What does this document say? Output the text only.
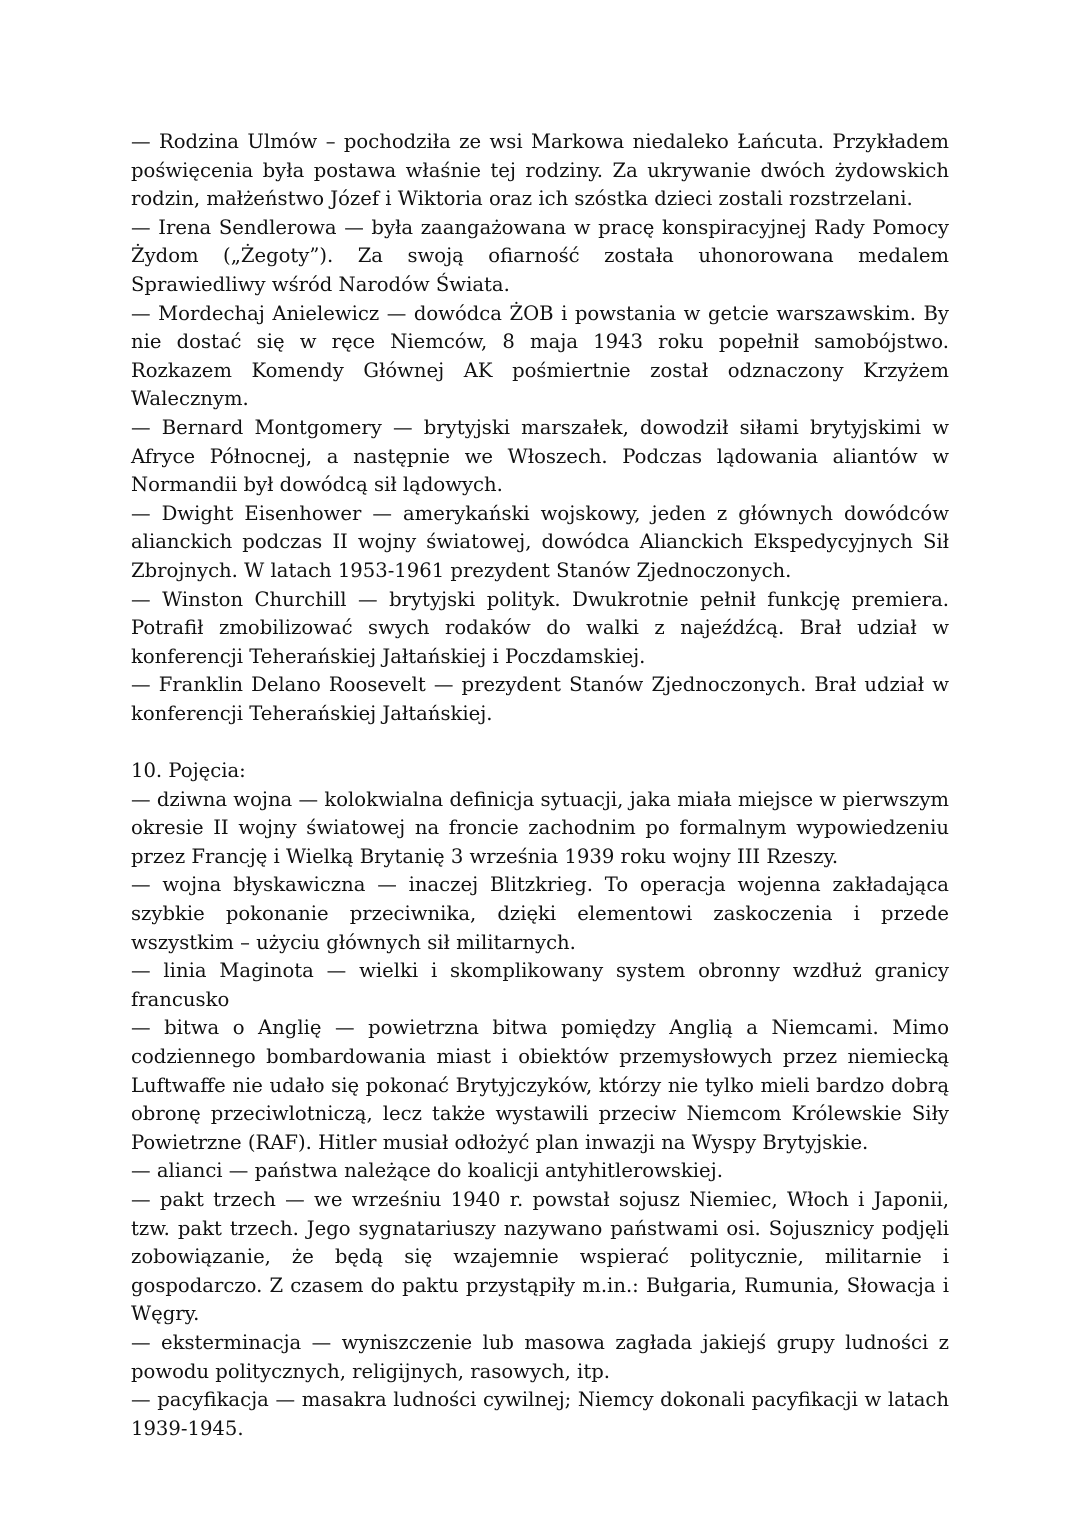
— Rodzina Ulmów – pochodziła ze wsi Markowa niedaleko Łańcuta. Przykładem poświęcenia była postawa właśnie tej rodziny. Za ukrywanie dwóch żydowskich rodzin, małżeństwo Józef i Wiktoria oraz ich szóstka dzieci zostali rozstrzelani.

— Irena Sendlerowa — była zaangażowana w pracę konspiracyjnej Rady Pomocy Żydom („Żegoty”). Za swoją ofiarność została uhonorowana medalem Sprawiedliwy wśród Narodów Świata.

— Mordechaj Anielewicz — dowódca ŻOB i powstania w getcie warszawskim. By nie dostać się w ręce Niemców, 8 maja 1943 roku popełnił samobójstwo. Rozkazem Komendy Głównej AK pośmiertnie został odznaczony Krzyżem Walecznym.

— Bernard Montgomery — brytyjski marszałek, dowodził siłami brytyjskimi w Afryce Północnej, a następnie we Włoszech. Podczas lądowania aliantów w Normandii był dowódcą sił lądowych.

— Dwight Eisenhower — amerykański wojskowy, jeden z głównych dowódców alianckich podczas II wojny światowej, dowódca Alianckich Ekspedycyjnych Sił Zbrojnych. W latach 1953-1961 prezydent Stanów Zjednoczonych.

— Winston Churchill — brytyjski polityk. Dwukrotnie pełnił funkcję premiera. Potrafił zmobilizować swych rodaków do walki z najeźdźcą. Brał udział w konferencji Teherańskiej Jałtańskiej i Poczdamskiej.

— Franklin Delano Roosevelt — prezydent Stanów Zjednoczonych. Brał udział w konferencji Teherańskiej Jałtańskiej.

10. Pojęcia:

— dziwna wojna — kolokwialna definicja sytuacji, jaka miała miejsce w pierwszym okresie II wojny światowej na froncie zachodnim po formalnym wypowiedzeniu przez Francję i Wielką Brytanię 3 września 1939 roku wojny III Rzeszy.

— wojna błyskawiczna — inaczej Blitzkrieg. To operacja wojenna zakładająca szybkie pokonanie przeciwnika, dzięki elementowi zaskoczenia i przede wszystkim – użyciu głównych sił militarnych.

— linia Maginota — wielki i skomplikowany system obronny wzdłuż granicy francusko

— bitwa o Anglię — powietrzna bitwa pomiędzy Anglią a Niemcami. Mimo codziennego bombardowania miast i obiektów przemysłowych przez niemiecką Luftwaffe nie udało się pokonać Brytyjczyków, którzy nie tylko mieli bardzo dobrą obronę przeciwlotniczą, lecz także wystawili przeciw Niemcom Królewskie Siły Powietrzne (RAF). Hitler musiał odłożyć plan inwazji na Wyspy Brytyjskie.

— alianci — państwa należące do koalicji antyhitlerowskiej.

— pakt trzech — we wrześniu 1940 r. powstał sojusz Niemiec, Włoch i Japonii, tzw. pakt trzech. Jego sygnatariuszy nazywano państwami osi. Sojusznicy podjęli zobowiązanie, że będą się wzajemnie wspierać politycznie, militarnie i gospodarczo. Z czasem do paktu przystąpiły m.in.: Bułgaria, Rumunia, Słowacja i Węgry.

— eksterminacja — wyniszczenie lub masowa zagłada jakiejś grupy ludności z powodu politycznych, religijnych, rasowych, itp.

— pacyfikacja — masakra ludności cywilnej; Niemcy dokonali pacyfikacji w latach 1939-1945.
